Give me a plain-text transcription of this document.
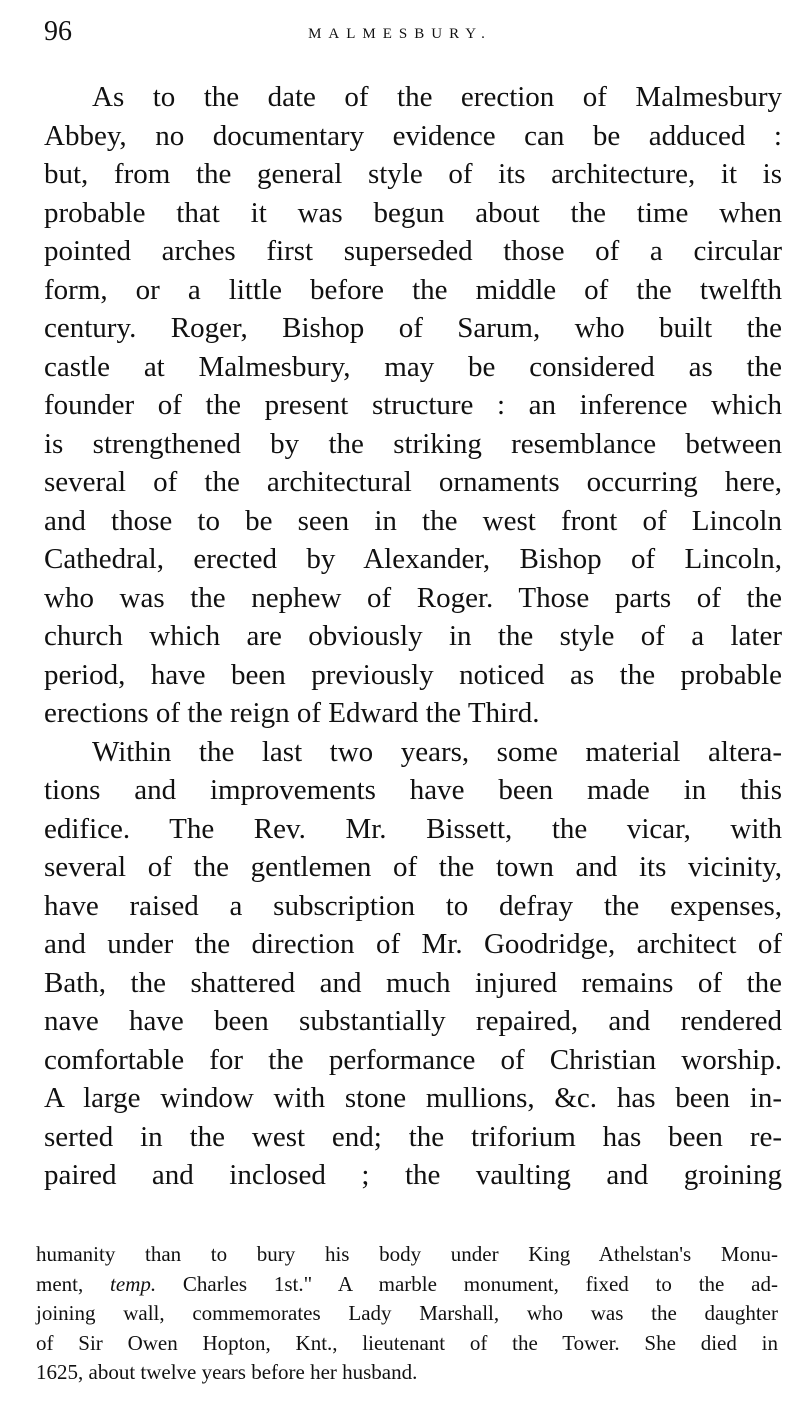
96	MALMESBURY.
As to the date of the erection of Malmesbury
Abbey, no documentary evidence can be adduced :
but, from the general style of its architecture, it is
probable that it was begun about the time when
pointed arches first superseded those of a circular
form, or a little before the middle of the twelfth
century. Roger, Bishop of Sarum, who built the
castle at Malmesbury, may be considered as the
founder of the present structure : an inference which
is strengthened by the striking resemblance between
several of the architectural ornaments occurring here,
and those to be seen in the west front of Lincoln
Cathedral, erected by Alexander, Bishop of Lincoln,
who was the nephew of Roger. Those parts of the
church which are obviously in the style of a later
period, have been previously noticed as the probable
erections of the reign of Edward the Third.
Within the last two years, some material altera-
tions and improvements have been made in this
edifice. The Rev. Mr. Bissett, the vicar, with
several of the gentlemen of the town and its vicinity,
have raised a subscription to defray the expenses,
and under the direction of Mr. Goodridge, architect of
Bath, the shattered and much injured remains of the
nave have been substantially repaired, and rendered
comfortable for the performance of Christian worship.
A large window with stone mullions, &c. has been in-
serted in the west end; the triforium has been re-
paired and inclosed ; the vaulting and groining
humanity than to bury his body under King Athelstan's Monu-
ment, temp. Charles 1st." A marble monument, fixed to the ad-
joining wall, commemorates Lady Marshall, who was the daughter
of Sir Owen Hopton, Knt., lieutenant of the Tower. She died in
1625, about twelve years before her husband.
